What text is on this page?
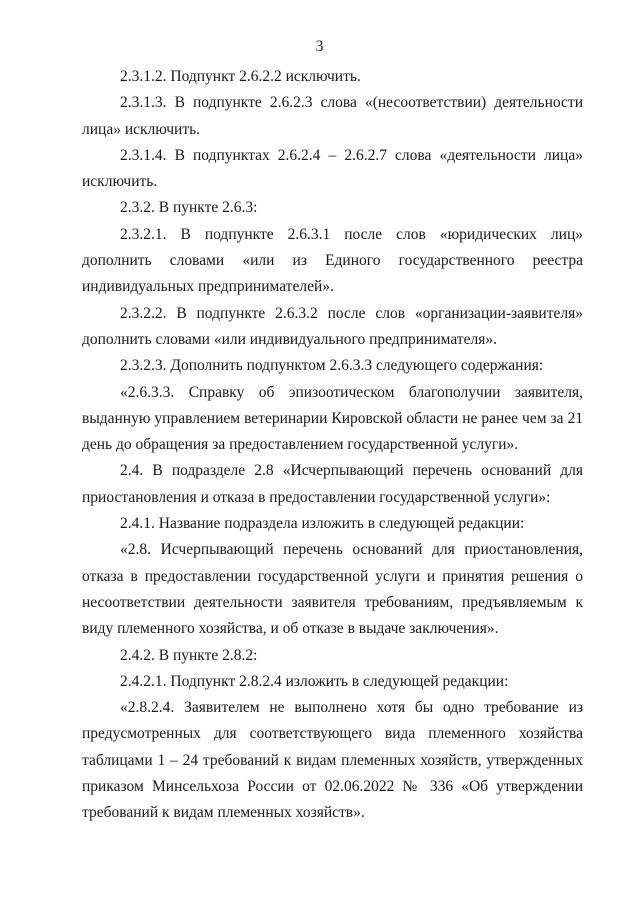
3

2.3.1.2. Подпункт 2.6.2.2 исключить.

2.3.1.3. В подпункте 2.6.2.3 слова «(несоответствии) деятельности лица» исключить.

2.3.1.4. В подпунктах 2.6.2.4 – 2.6.2.7 слова «деятельности лица» исключить.

2.3.2. В пункте 2.6.3:

2.3.2.1. В подпункте 2.6.3.1 после слов «юридических лиц» дополнить словами «или из Единого государственного реестра индивидуальных предпринимателей».

2.3.2.2. В подпункте 2.6.3.2 после слов «организации-заявителя» дополнить словами «или индивидуального предпринимателя».

2.3.2.3. Дополнить подпунктом 2.6.3.3 следующего содержания:

«2.6.3.3. Справку об эпизоотическом благополучии заявителя, выданную управлением ветеринарии Кировской области не ранее чем за 21 день до обращения за предоставлением государственной услуги».

2.4. В подразделе 2.8 «Исчерпывающий перечень оснований для приостановления и отказа в предоставлении государственной услуги»:

2.4.1. Название подраздела изложить в следующей редакции:

«2.8. Исчерпывающий перечень оснований для приостановления, отказа в предоставлении государственной услуги и принятия решения о несоответствии деятельности заявителя требованиям, предъявляемым к виду племенного хозяйства, и об отказе в выдаче заключения».

2.4.2. В пункте 2.8.2:

2.4.2.1. Подпункт 2.8.2.4 изложить в следующей редакции:

«2.8.2.4. Заявителем не выполнено хотя бы одно требование из предусмотренных для соответствующего вида племенного хозяйства таблицами 1 – 24 требований к видам племенных хозяйств, утвержденных приказом Минсельхоза России от 02.06.2022 № 336 «Об утверждении требований к видам племенных хозяйств».
